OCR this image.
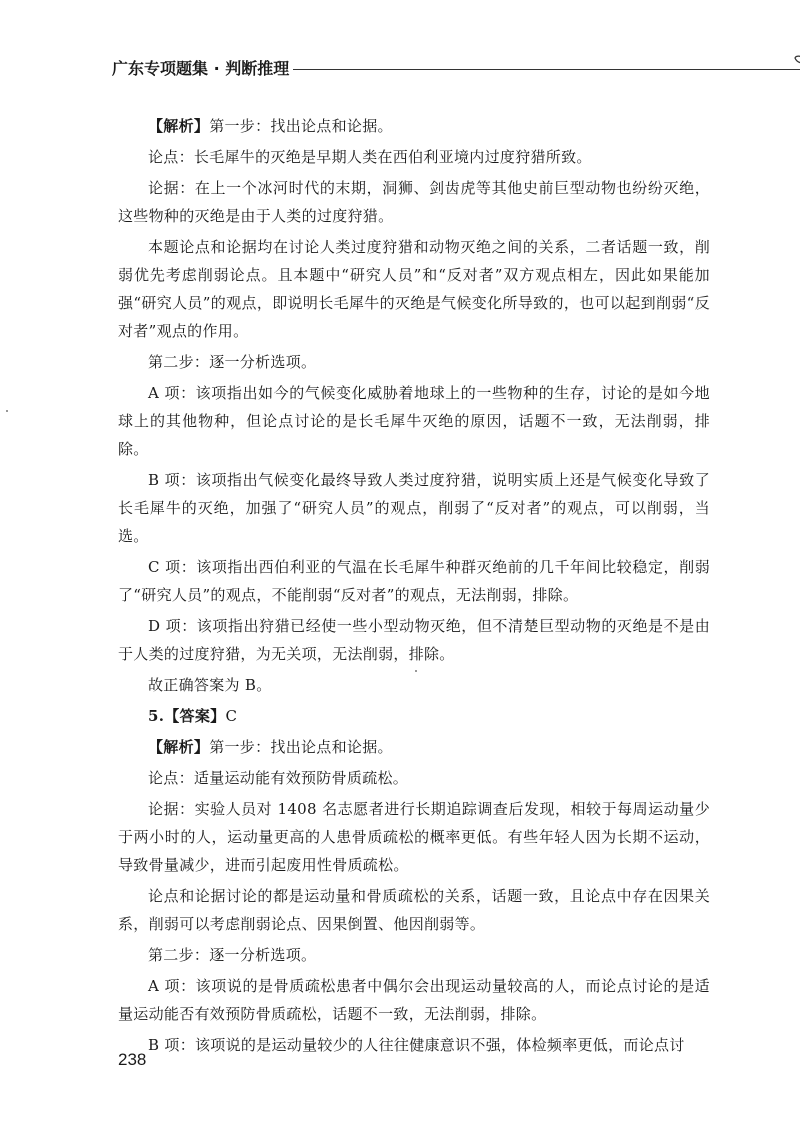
广东专项题集 · 判断推理

【解析】第一步：找出论点和论据。

论点：长毛犀牛的灭绝是早期人类在西伯利亚境内过度狩猎所致。

论据：在上一个冰河时代的末期，洞狮、剑齿虎等其他史前巨型动物也纷纷灭绝，这些物种的灭绝是由于人类的过度狩猎。

本题论点和论据均在讨论人类过度狩猎和动物灭绝之间的关系，二者话题一致，削弱优先考虑削弱论点。且本题中“研究人员”和“反对者”双方观点相左，因此如果能加强“研究人员”的观点，即说明长毛犀牛的灭绝是气候变化所导致的，也可以起到削弱“反对者”观点的作用。

第二步：逐一分析选项。

A 项：该项指出如今的气候变化威胁着地球上的一些物种的生存，讨论的是如今地球上的其他物种，但论点讨论的是长毛犀牛灭绝的原因，话题不一致，无法削弱，排除。

B 项：该项指出气候变化最终导致人类过度狩猎，说明实质上还是气候变化导致了长毛犀牛的灭绝，加强了“研究人员”的观点，削弱了“反对者”的观点，可以削弱，当选。

C 项：该项指出西伯利亚的气温在长毛犀牛种群灭绝前的几千年间比较稳定，削弱了“研究人员”的观点，不能削弱“反对者”的观点，无法削弱，排除。

D 项：该项指出狩猎已经使一些小型动物灭绝，但不清楚巨型动物的灭绝是不是由于人类的过度狩猎，为无关项，无法削弱，排除。

故正确答案为 B。

5.【答案】C

【解析】第一步：找出论点和论据。

论点：适量运动能有效预防骨质疏松。

论据：实验人员对 1408 名志愿者进行长期追踪调查后发现，相较于每周运动量少于两小时的人，运动量更高的人患骨质疏松的概率更低。有些年轻人因为长期不运动，导致骨量减少，进而引起废用性骨质疏松。

论点和论据讨论的都是运动量和骨质疏松的关系，话题一致，且论点中存在因果关系，削弱可以考虑削弱论点、因果倒置、他因削弱等。

第二步：逐一分析选项。

A 项：该项说的是骨质疏松患者中偶尔会出现运动量较高的人，而论点讨论的是适量运动能否有效预防骨质疏松，话题不一致，无法削弱，排除。

B 项：该项说的是运动量较少的人往往健康意识不强，体检频率更低，而论点讨

238
